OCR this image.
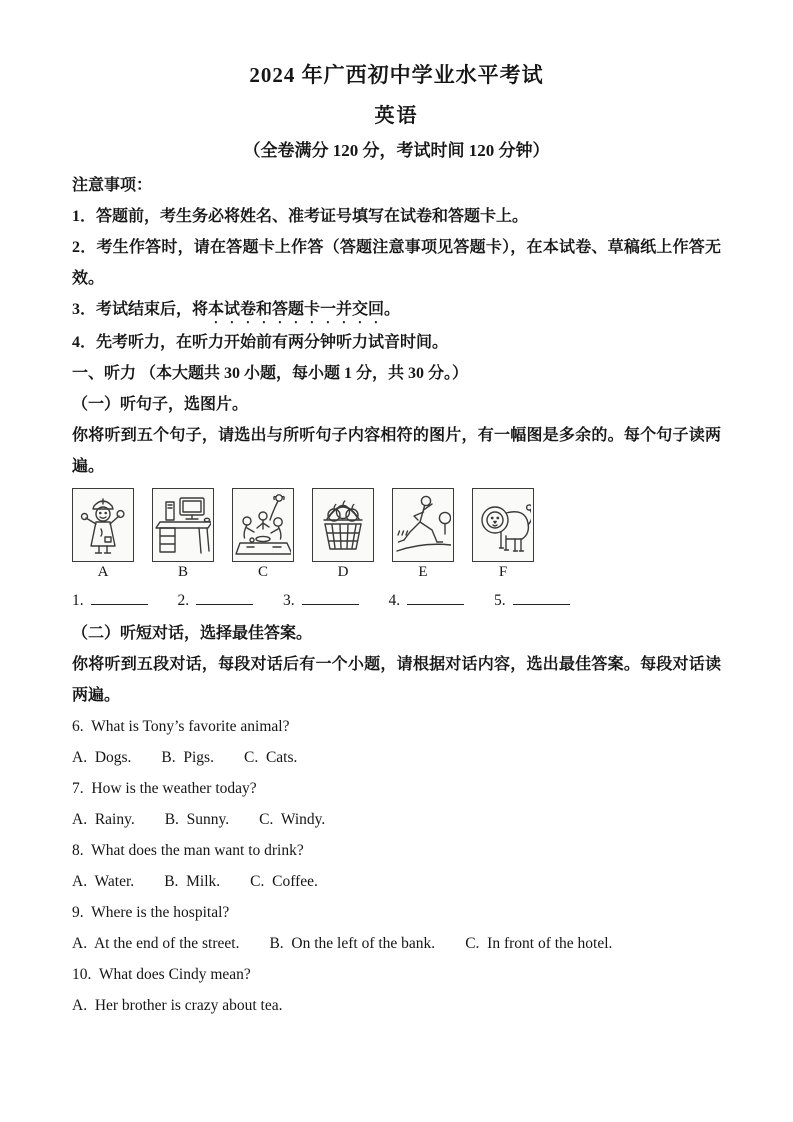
2024 年广西初中学业水平考试
英语
（全卷满分 120 分，考试时间 120 分钟）

注意事项：

1．答题前，考生务必将姓名、准考证号填写在试卷和答题卡上。

2．考生作答时，请在答题卡上作答（答题注意事项见答题卡），在本试卷、草稿纸上作答无效。

3．考试结束后，将本试卷和答题卡一并交回。

4．先考听力，在听力开始前有两分钟听力试音时间。

一、听力 （本大题共 30 小题，每小题 1 分，共 30 分。）

（一）听句子，选图片。

你将听到五个句子，请选出与所听句子内容相符的图片，有一幅图是多余的。每个句子读两遍。

A	B	C	D	E	F
1.	2.	3.	4.	5.

（二）听短对话，选择最佳答案。

你将听到五段对话，每段对话后有一个小题，请根据对话内容，选出最佳答案。每段对话读两遍。

6.  What is Tony’s favorite animal?

A.  Dogs. B.  Pigs. C.  Cats.

7.  How is the weather today?

A.  Rainy. B.  Sunny. C.  Windy.

8.  What does the man want to drink?

A.  Water. B.  Milk. C.  Coffee.

9.  Where is the hospital?

A.  At the end of the street. B.  On the left of the bank. C.  In front of the hotel.

10.  What does Cindy mean?

A.  Her brother is crazy about tea.
